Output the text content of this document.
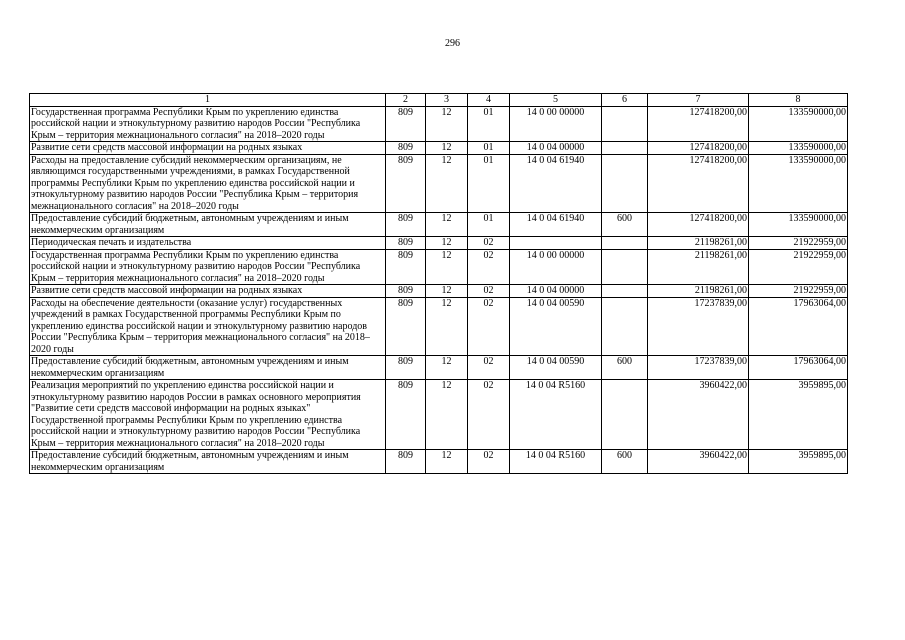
296
1	2	3	4	5	6	7	8
Государственная программа Республики Крым по укреплению единства российской нации и этнокультурному развитию народов России "Республика Крым – территория межнационального согласия" на 2018–2020 годы	809	12	01	14 0 00 00000		127418200,00	133590000,00
Развитие сети средств массовой информации на родных языках	809	12	01	14 0 04 00000		127418200,00	133590000,00
Расходы на предоставление субсидий некоммерческим организациям, не являющимся государственными учреждениями, в рамках Государственной программы Республики Крым по укреплению единства российской нации и этнокультурному развитию народов России "Республика Крым – территория межнационального согласия" на 2018–2020 годы	809	12	01	14 0 04 61940		127418200,00	133590000,00
Предоставление субсидий бюджетным, автономным учреждениям и иным некоммерческим организациям	809	12	01	14 0 04 61940	600	127418200,00	133590000,00
Периодическая печать и издательства	809	12	02			21198261,00	21922959,00
Государственная программа Республики Крым по укреплению единства российской нации и этнокультурному развитию народов России "Республика Крым – территория межнационального согласия" на 2018–2020 годы	809	12	02	14 0 00 00000		21198261,00	21922959,00
Развитие сети средств массовой информации на родных языках	809	12	02	14 0 04 00000		21198261,00	21922959,00
Расходы на обеспечение деятельности (оказание услуг) государственных учреждений в рамках Государственной программы Республики Крым по укреплению единства российской нации и этнокультурному развитию народов России "Республика Крым – территория межнационального согласия" на 2018–2020 годы	809	12	02	14 0 04 00590		17237839,00	17963064,00
Предоставление субсидий бюджетным, автономным учреждениям и иным некоммерческим организациям	809	12	02	14 0 04 00590	600	17237839,00	17963064,00
Реализация мероприятий по укреплению единства российской нации и этнокультурному развитию народов России в рамках основного мероприятия "Развитие сети средств массовой информации на родных языках" Государственной программы Республики Крым по укреплению единства российской нации и этнокультурному развитию народов России "Республика Крым – территория межнационального согласия" на 2018–2020 годы	809	12	02	14 0 04 R5160		3960422,00	3959895,00
Предоставление субсидий бюджетным, автономным учреждениям и иным некоммерческим организациям	809	12	02	14 0 04 R5160	600	3960422,00	3959895,00
